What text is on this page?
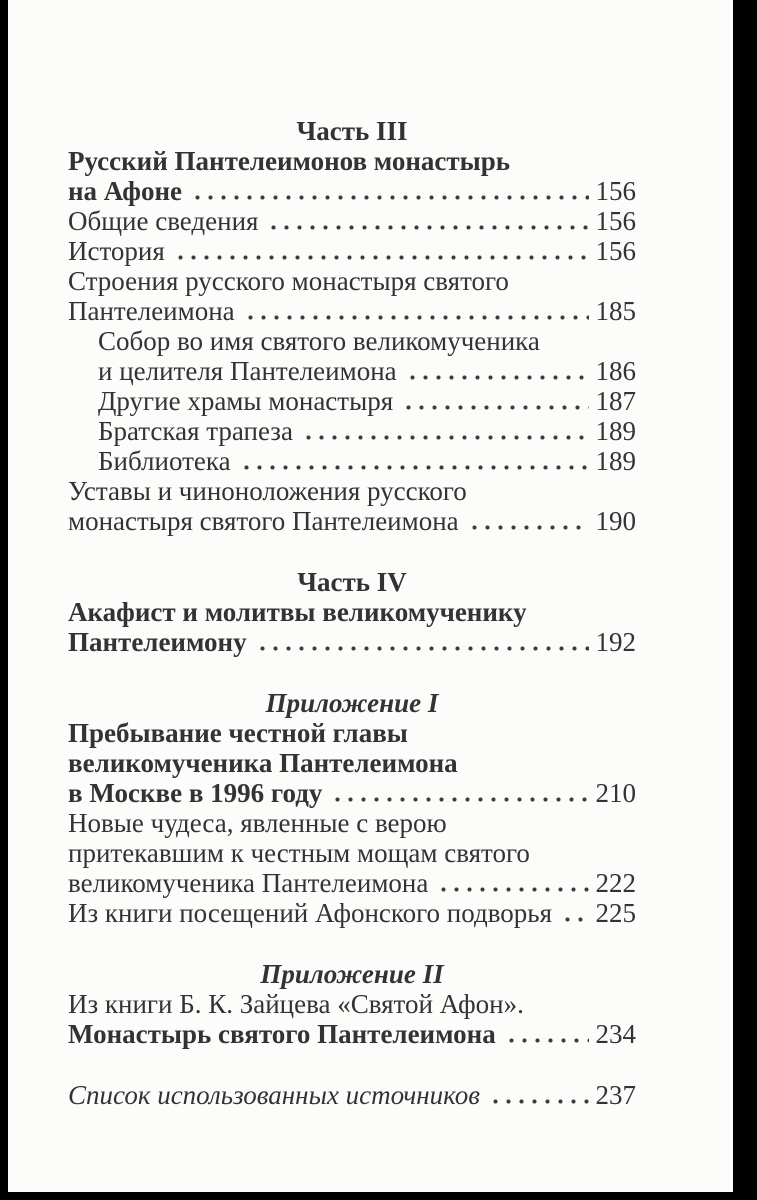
Часть III
Русский Пантелеимонов монастырь
на Афоне	156
Общие сведения	156
История	156
Строения русского монастыря святого
Пантелеимона	185
Собор во имя святого великомученика
и целителя Пантелеимона	186
Другие храмы монастыря	187
Братская трапеза	189
Библиотека	189
Уставы и чиноноложения русского
монастыря святого Пантелеимона	190
Часть IV
Акафист и молитвы великомученику
Пантелеимону	192
Приложение I
Пребывание честной главы
великомученика Пантелеимона
в Москве в 1996 году	210
Новые чудеса, явленные с верою
притекавшим к честным мощам святого
великомученика Пантелеимона	222
Из книги посещений Афонского подворья 225
Приложение II
Из книги Б. К. Зайцева «Святой Афон».
Монастырь святого Пантелеимона	234
Список использованных источников	237
